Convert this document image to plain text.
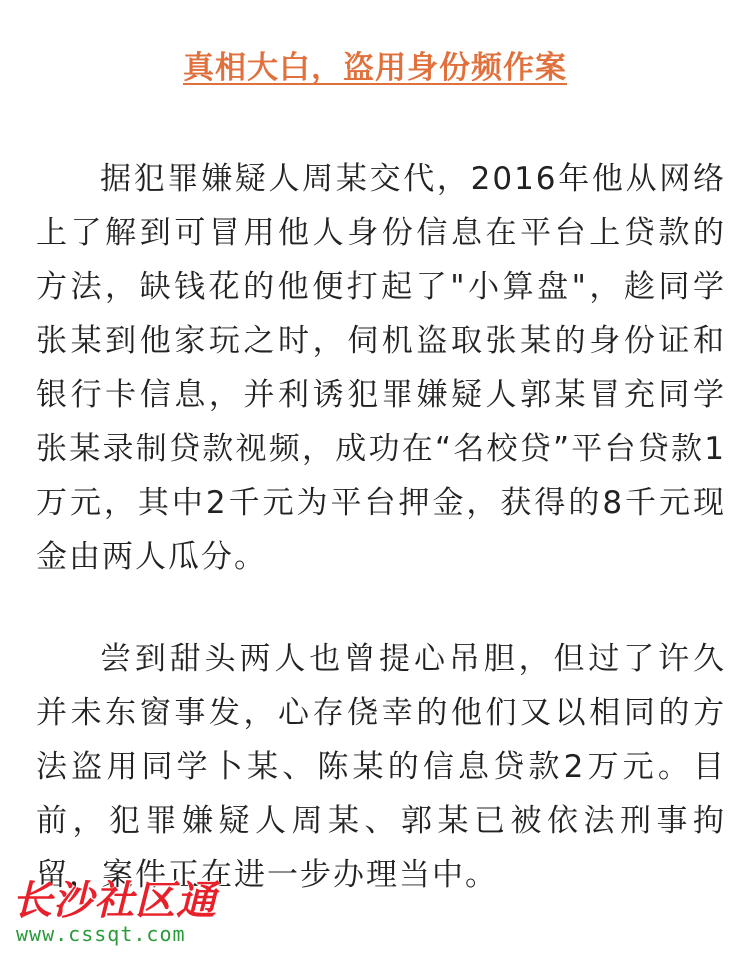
真相大白，盗用身份频作案

据犯罪嫌疑人周某交代，2016年他从网络上了解到可冒用他人身份信息在平台上贷款的方法，缺钱花的他便打起了"小算盘"，趁同学张某到他家玩之时，伺机盗取张某的身份证和银行卡信息，并利诱犯罪嫌疑人郭某冒充同学张某录制贷款视频，成功在“名校贷”平台贷款1万元，其中2千元为平台押金，获得的8千元现金由两人瓜分。

尝到甜头两人也曾提心吊胆，但过了许久并未东窗事发，心存侥幸的他们又以相同的方法盗用同学卜某、陈某的信息贷款2万元。目前，犯罪嫌疑人周某、郭某已被依法刑事拘留，案件正在进一步办理当中。

长沙社区通
www.cssqt.com
